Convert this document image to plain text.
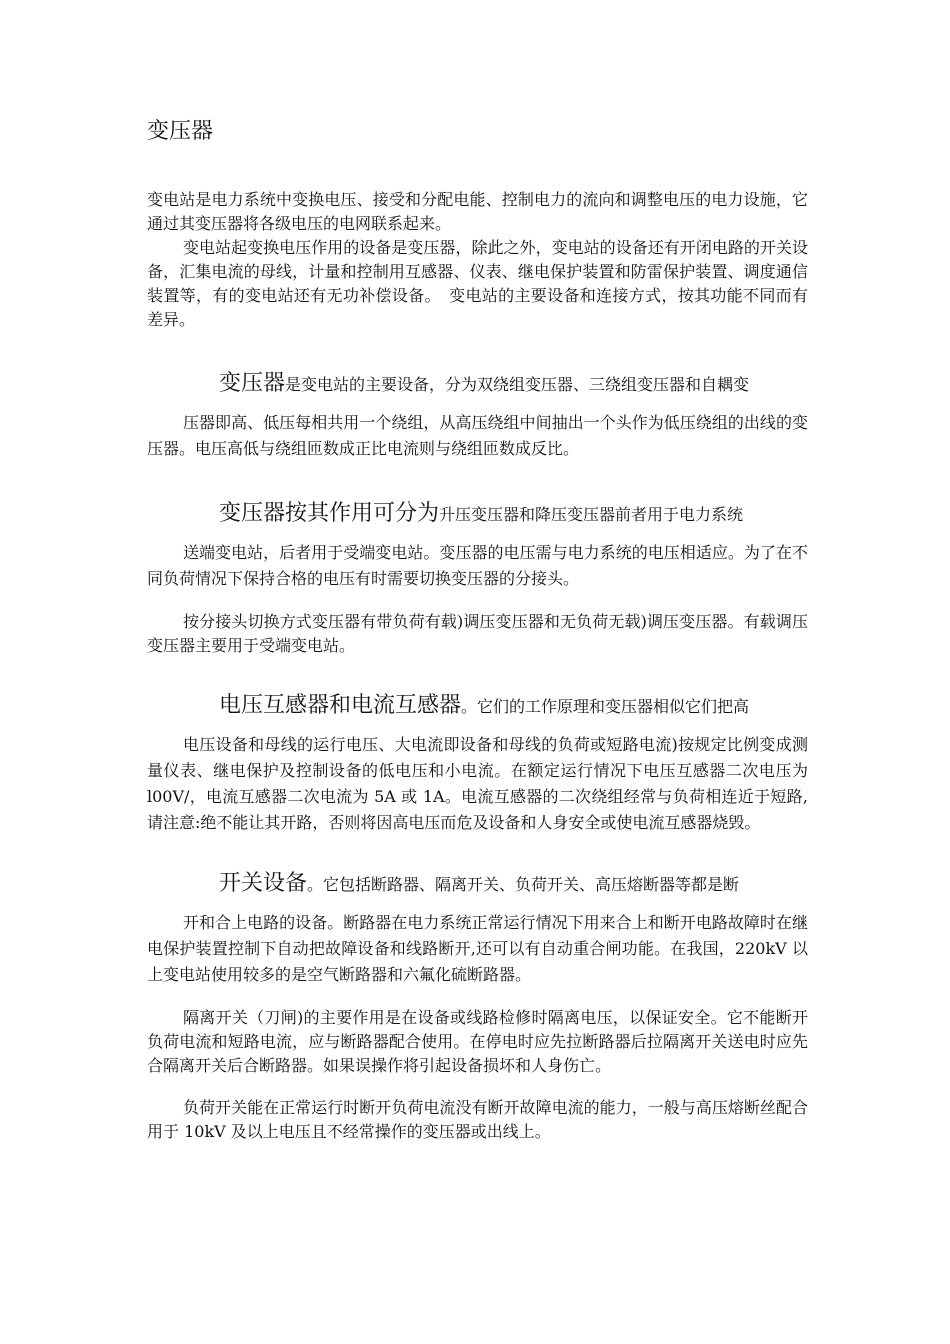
变压器

变电站是电力系统中变换电压、接受和分配电能、控制电力的流向和调整电压的电力设施，它通过其变压器将各级电压的电网联系起来。

变电站起变换电压作用的设备是变压器，除此之外，变电站的设备还有开闭电路的开关设备，汇集电流的母线，计量和控制用互感器、仪表、继电保护装置和防雷保护装置、调度通信装置等，有的变电站还有无功补偿设备。　变电站的主要设备和连接方式，按其功能不同而有差异。

变压器是变电站的主要设备，分为双绕组变压器、三绕组变压器和自耦变
压器即高、低压每相共用一个绕组，从高压绕组中间抽出一个头作为低压绕组的出线的变压器。电压高低与绕组匝数成正比电流则与绕组匝数成反比。

变压器按其作用可分为升压变压器和降压变压器前者用于电力系统
送端变电站，后者用于受端变电站。变压器的电压需与电力系统的电压相适应。为了在不同负荷情况下保持合格的电压有时需要切换变压器的分接头。

按分接头切换方式变压器有带负荷有载)调压变压器和无负荷无载)调压变压器。有载调压变压器主要用于受端变电站。

电压互感器和电流互感器。它们的工作原理和变压器相似它们把高
电压设备和母线的运行电压、大电流即设备和母线的负荷或短路电流)按规定比例变成测量仪表、继电保护及控制设备的低电压和小电流。在额定运行情况下电压互感器二次电压为l00V/，电流互感器二次电流为 5A 或 1A。电流互感器的二次绕组经常与负荷相连近于短路,请注意:绝不能让其开路，否则将因高电压而危及设备和人身安全或使电流互感器烧毁。

开关设备。它包括断路器、隔离开关、负荷开关、高压熔断器等都是断
开和合上电路的设备。断路器在电力系统正常运行情况下用来合上和断开电路故障时在继电保护装置控制下自动把故障设备和线路断开,还可以有自动重合闸功能。在我国，220kV 以上变电站使用较多的是空气断路器和六氟化硫断路器。

隔离开关（刀闸)的主要作用是在设备或线路检修时隔离电压，以保证安全。它不能断开负荷电流和短路电流，应与断路器配合使用。在停电时应先拉断路器后拉隔离开关送电时应先合隔离开关后合断路器。如果误操作将引起设备损坏和人身伤亡。

负荷开关能在正常运行时断开负荷电流没有断开故障电流的能力，一般与高压熔断丝配合用于 10kV 及以上电压且不经常操作的变压器或出线上。
